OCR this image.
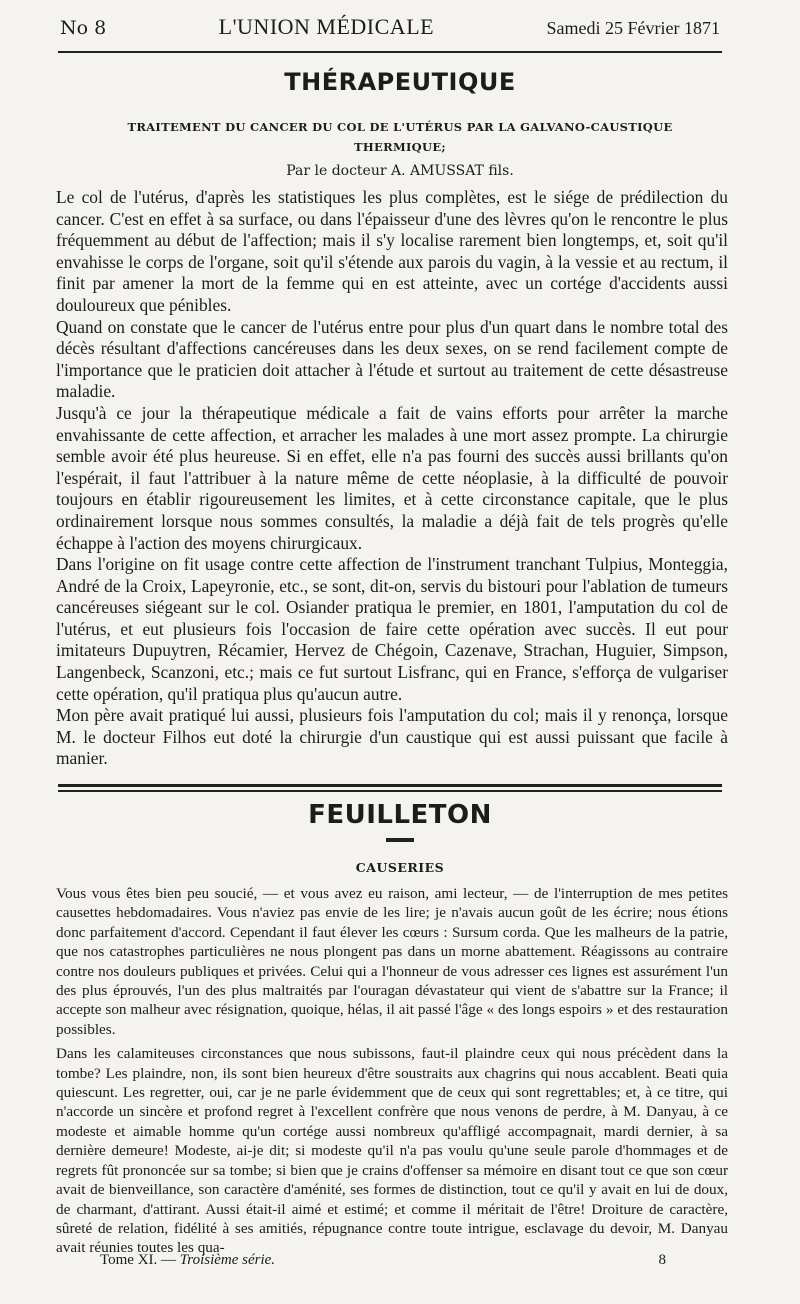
No 8	L'UNION MÉDICALE	Samedi 25 Février 1871
THÉRAPEUTIQUE
TRAITEMENT DU CANCER DU COL DE L'UTÉRUS PAR LA GALVANO-CAUSTIQUE THERMIQUE;
Par le docteur A. AMUSSAT fils.

Le col de l'utérus, d'après les statistiques les plus complètes, est le siége de prédilection du cancer. C'est en effet à sa surface, ou dans l'épaisseur d'une des lèvres qu'on le rencontre le plus fréquemment au début de l'affection; mais il s'y localise rarement bien longtemps, et, soit qu'il envahisse le corps de l'organe, soit qu'il s'étende aux parois du vagin, à la vessie et au rectum, il finit par amener la mort de la femme qui en est atteinte, avec un cortége d'accidents aussi douloureux que pénibles.

Quand on constate que le cancer de l'utérus entre pour plus d'un quart dans le nombre total des décès résultant d'affections cancéreuses dans les deux sexes, on se rend facilement compte de l'importance que le praticien doit attacher à l'étude et surtout au traitement de cette désastreuse maladie.

Jusqu'à ce jour la thérapeutique médicale a fait de vains efforts pour arrêter la marche envahissante de cette affection, et arracher les malades à une mort assez prompte. La chirurgie semble avoir été plus heureuse. Si en effet, elle n'a pas fourni des succès aussi brillants qu'on l'espérait, il faut l'attribuer à la nature même de cette néoplasie, à la difficulté de pouvoir toujours en établir rigoureusement les limites, et à cette circonstance capitale, que le plus ordinairement lorsque nous sommes consultés, la maladie a déjà fait de tels progrès qu'elle échappe à l'action des moyens chirurgicaux.

Dans l'origine on fit usage contre cette affection de l'instrument tranchant Tulpius, Monteggia, André de la Croix, Lapeyronie, etc., se sont, dit-on, servis du bistouri pour l'ablation de tumeurs cancéreuses siégeant sur le col. Osiander pratiqua le premier, en 1801, l'amputation du col de l'utérus, et eut plusieurs fois l'occasion de faire cette opération avec succès. Il eut pour imitateurs Dupuytren, Récamier, Hervez de Chégoin, Cazenave, Strachan, Huguier, Simpson, Langenbeck, Scanzoni, etc.; mais ce fut surtout Lisfranc, qui en France, s'efforça de vulgariser cette opération, qu'il pratiqua plus qu'aucun autre.

Mon père avait pratiqué lui aussi, plusieurs fois l'amputation du col; mais il y renonça, lorsque M. le docteur Filhos eut doté la chirurgie d'un caustique qui est aussi puissant que facile à manier.

FEUILLETON
CAUSERIES

Vous vous êtes bien peu soucié, — et vous avez eu raison, ami lecteur, — de l'interruption de mes petites causettes hebdomadaires. Vous n'aviez pas envie de les lire; je n'avais aucun goût de les écrire; nous étions donc parfaitement d'accord. Cependant il faut élever les cœurs : Sursum corda. Que les malheurs de la patrie, que nos catastrophes particulières ne nous plongent pas dans un morne abattement. Réagissons au contraire contre nos douleurs publiques et privées. Celui qui a l'honneur de vous adresser ces lignes est assurément l'un des plus éprouvés, l'un des plus maltraités par l'ouragan dévastateur qui vient de s'abattre sur la France; il accepte son malheur avec résignation, quoique, hélas, il ait passé l'âge « des longs espoirs » et des restauration possibles.

Dans les calamiteuses circonstances que nous subissons, faut-il plaindre ceux qui nous précèdent dans la tombe? Les plaindre, non, ils sont bien heureux d'être soustraits aux chagrins qui nous accablent. Beati quia quiescunt. Les regretter, oui, car je ne parle évidemment que de ceux qui sont regrettables; et, à ce titre, qui n'accorde un sincère et profond regret à l'excellent confrère que nous venons de perdre, à M. Danyau, à ce modeste et aimable homme qu'un cortége aussi nombreux qu'affligé accompagnait, mardi dernier, à sa dernière demeure! Modeste, ai-je dit; si modeste qu'il n'a pas voulu qu'une seule parole d'hommages et de regrets fût prononcée sur sa tombe; si bien que je crains d'offenser sa mémoire en disant tout ce que son cœur avait de bienveillance, son caractère d'aménité, ses formes de distinction, tout ce qu'il y avait en lui de doux, de charmant, d'attirant. Aussi était-il aimé et estimé; et comme il méritait de l'être! Droiture de caractère, sûreté de relation, fidélité à ses amitiés, répugnance contre toute intrigue, esclavage du devoir, M. Danyau avait réunies toutes les qua-

Tome XI. — Troisième série.	8
